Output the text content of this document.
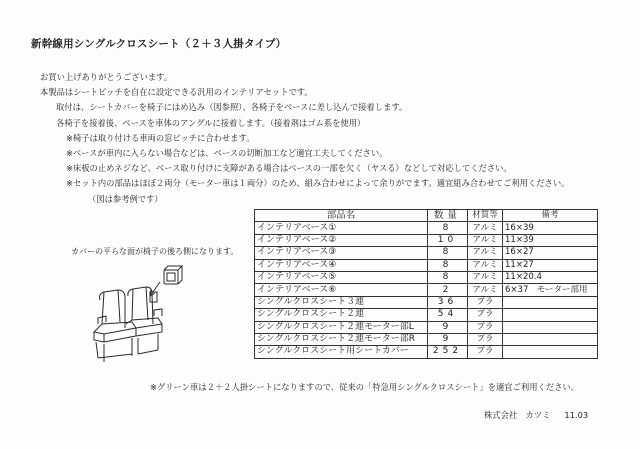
新幹線用シングルクロスシート（２＋３人掛タイプ）
お買い上げありがとうございます。
本製品はシートピッチを自在に設定できる汎用のインテリアセットです。
取付は、シートカバーを椅子にはめ込み（図参照）、各椅子をベースに差し込んで接着します。
各椅子を接着後、ベースを車体のアングルに接着します。（接着剤はゴム系を使用）
※椅子は取り付ける車両の窓ピッチに合わせます。
※ベースが車内に入らない場合などは、ベースの切断加工など適宜工夫してください。
※床板の止めネジなど、ベース取り付けに支障がある場合はベースの一部を欠く（ヤスる）などして対応してください。
※セット内の部品はほぼ２両分（モーター車は１両分）のため、組み合わせによって余りがでます。適宜組み合わせてご利用ください。
（図は参考例です）
カバーの平らな面が椅子の後ろ側になります。
部品名	数量	材質等	備考
インテリアベース①	8	アルミ	16×39
インテリアベース②	10	アルミ	11×39
インテリアベース③	8	アルミ	16×27
インテリアベース④	8	アルミ	11×27
インテリアベース⑤	8	アルミ	11×20.4
インテリアベース⑥	2	アルミ	6×37　モーター部用
シングルクロスシート３連	36	プラ	
シングルクロスシート２連	54	プラ	
シングルクロスシート２連モーター部L	9	プラ	
シングルクロスシート２連モーター部R	9	プラ	
シングルクロスシート用シートカバー	252	プラ	
※グリーン車は２＋２人掛シートになりますので、従来の「特急用シングルクロスシート」を適宜ご利用ください。
株式会社　カツミ 11.03
